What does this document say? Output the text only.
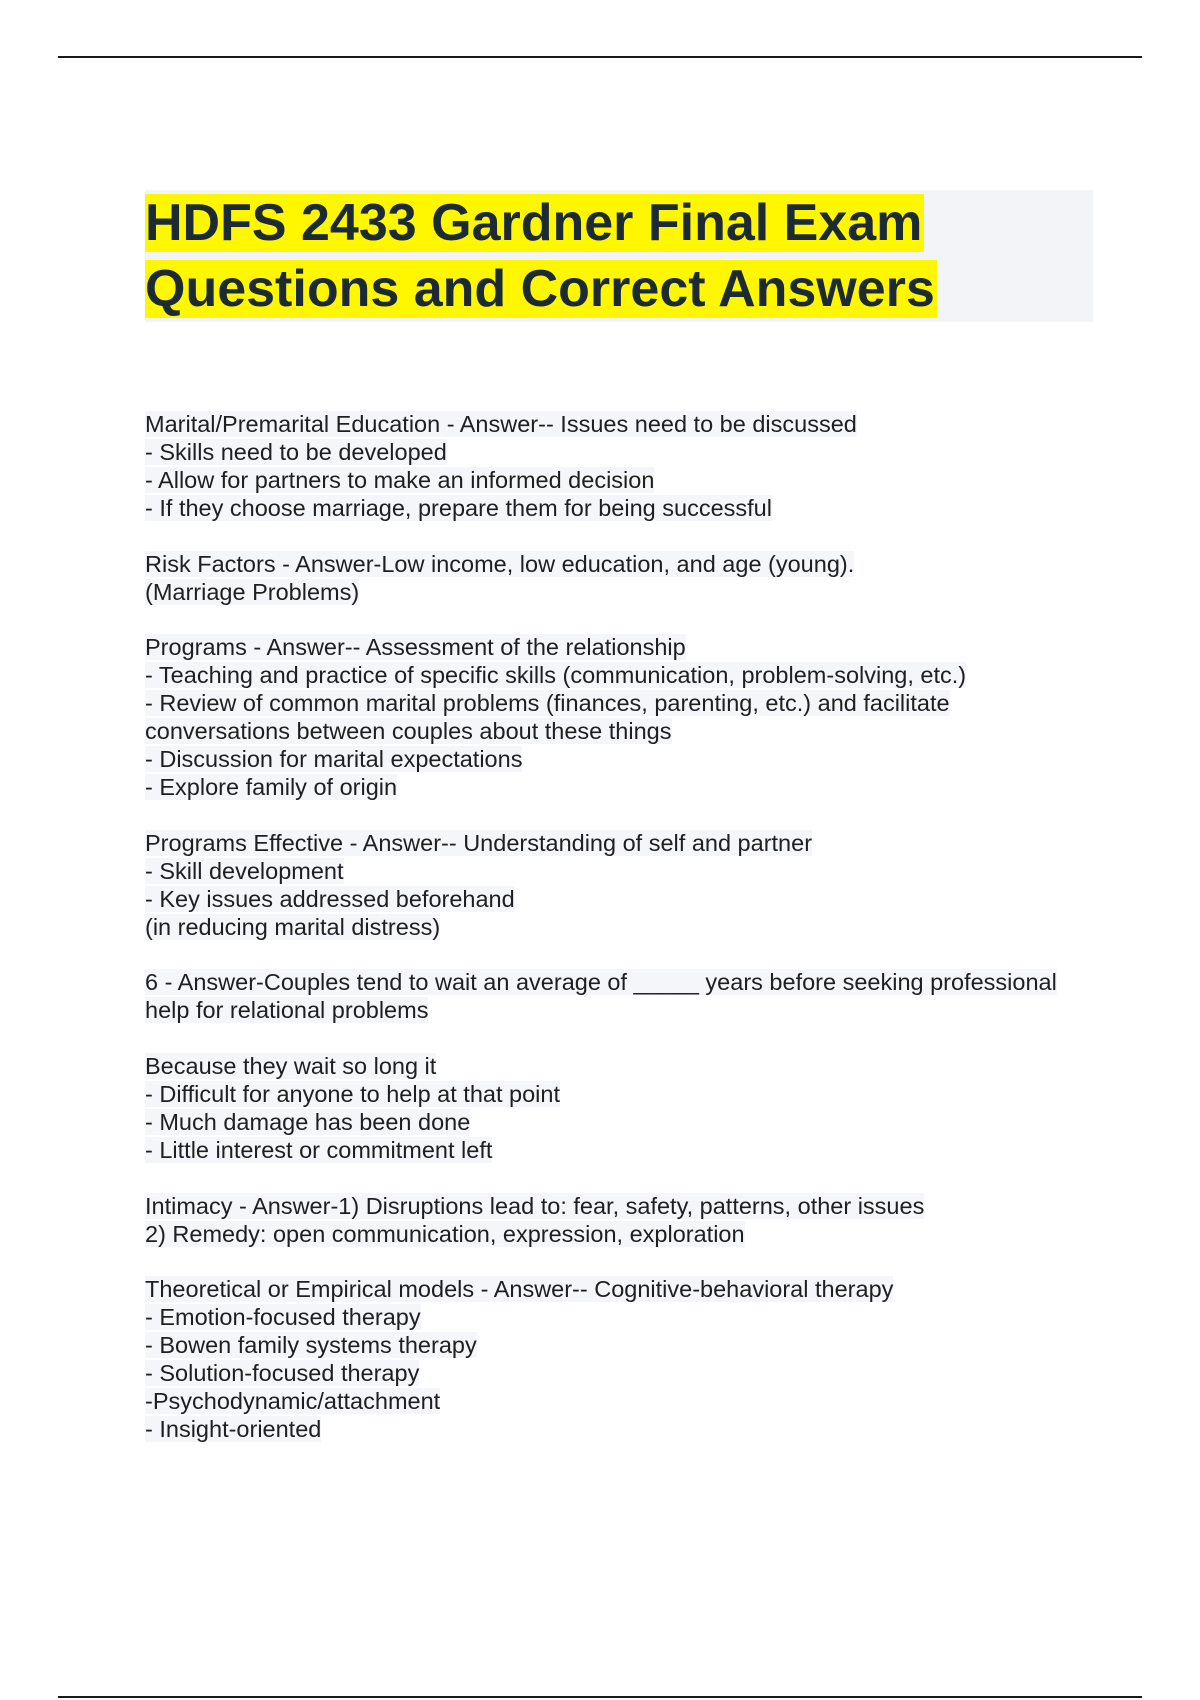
HDFS 2433 Gardner Final Exam
Questions and Correct Answers
Marital/Premarital Education - Answer-- Issues need to be discussed
- Skills need to be developed
- Allow for partners to make an informed decision
- If they choose marriage, prepare them for being successful
Risk Factors - Answer-Low income, low education, and age (young).
(Marriage Problems)
Programs - Answer-- Assessment of the relationship
- Teaching and practice of specific skills (communication, problem-solving, etc.)
- Review of common marital problems (finances, parenting, etc.) and facilitate
conversations between couples about these things
- Discussion for marital expectations
- Explore family of origin
Programs Effective - Answer-- Understanding of self and partner
- Skill development
- Key issues addressed beforehand
(in reducing marital distress)
6 - Answer-Couples tend to wait an average of _____ years before seeking professional
help for relational problems
Because they wait so long it
- Difficult for anyone to help at that point
- Much damage has been done
- Little interest or commitment left
Intimacy - Answer-1) Disruptions lead to: fear, safety, patterns, other issues
2) Remedy: open communication, expression, exploration
Theoretical or Empirical models - Answer-- Cognitive-behavioral therapy
- Emotion-focused therapy
- Bowen family systems therapy
- Solution-focused therapy
-Psychodynamic/attachment
- Insight-oriented
